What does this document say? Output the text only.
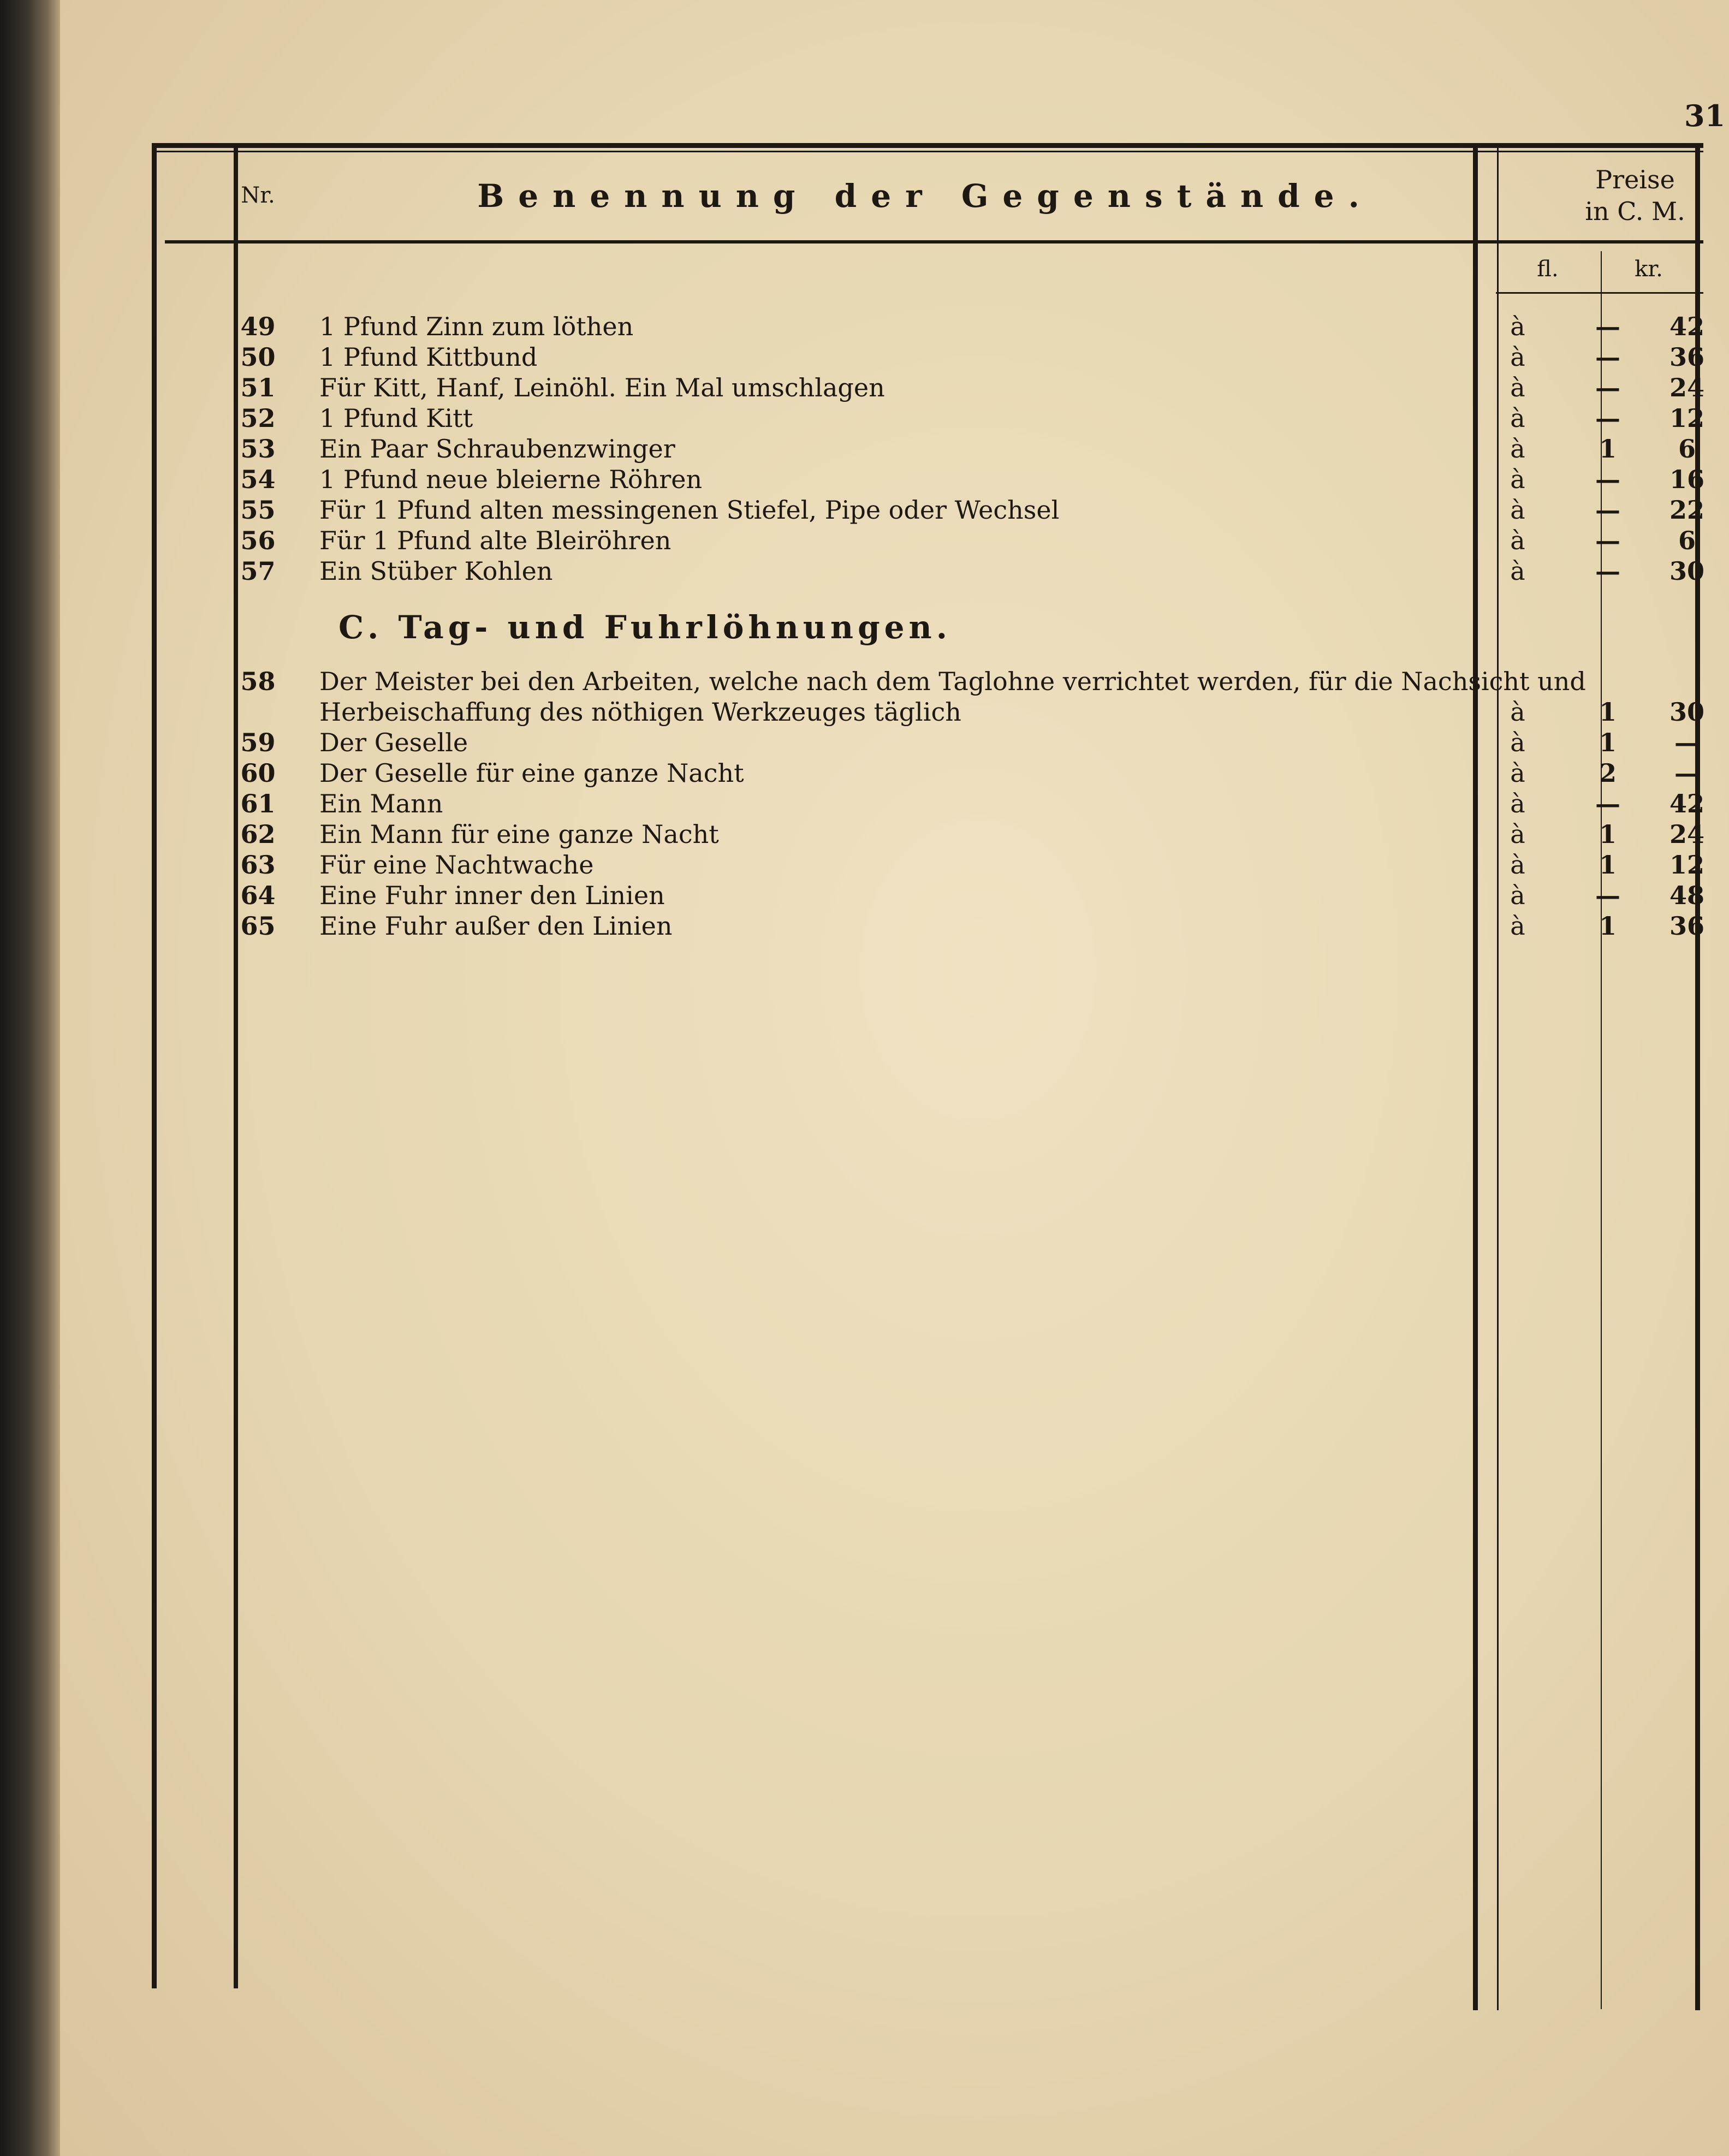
31
Nr.	Benennung der Gegenstände.	Preise
in C. M.
fl.	kr.
49	1 Pfund Zinn zum löthen	à	—	42
50	1 Pfund Kittbund	à	—	36
51	Für Kitt, Hanf, Leinöhl. Ein Mal umschlagen	à	—	24
52	1 Pfund Kitt	à	—	12
53	Ein Paar Schraubenzwinger	à	1	6
54	1 Pfund neue bleierne Röhren	à	—	16
55	Für 1 Pfund alten messingenen Stiefel, Pipe oder Wechsel	à	—	22
56	Für 1 Pfund alte Bleiröhren	à	—	6
57	Ein Stüber Kohlen	à	—	30
C. Tag- und Fuhrlöhnungen.
58	Der Meister bei den Arbeiten, welche nach dem Taglohne verrichtet werden, für die Nachsicht und
Herbeischaffung des nöthigen Werkzeuges täglich	à	1	30
59	Der Geselle	à	1	—
60	Der Geselle für eine ganze Nacht	à	2	—
61	Ein Mann	à	—	42
62	Ein Mann für eine ganze Nacht	à	1	24
63	Für eine Nachtwache	à	1	12
64	Eine Fuhr inner den Linien	à	—	48
65	Eine Fuhr außer den Linien	à	1	36
